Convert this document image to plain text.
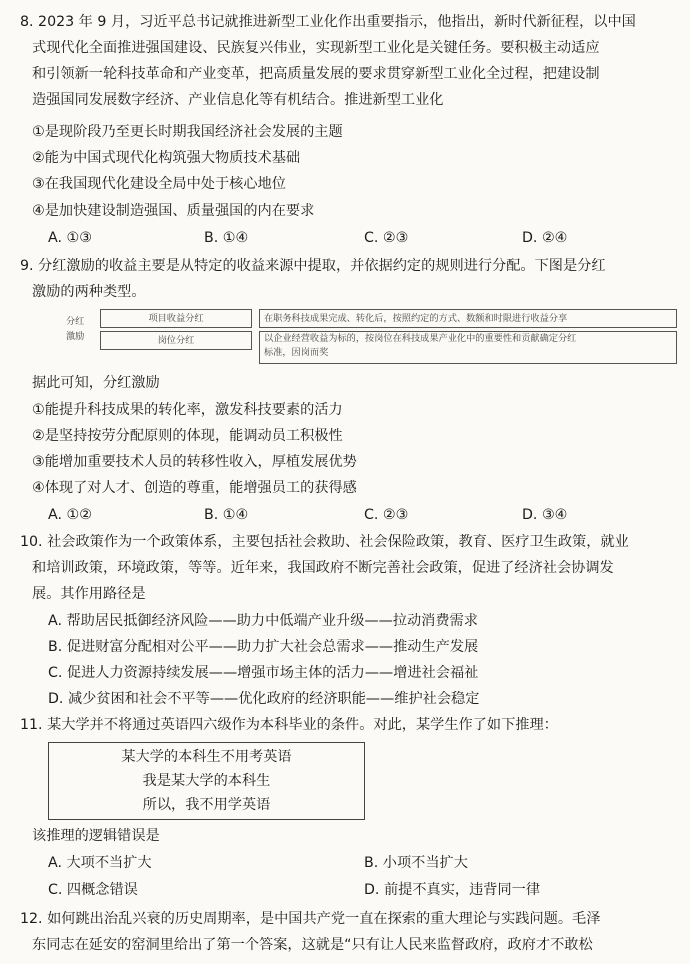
8. 2023 年 9 月，习近平总书记就推进新型工业化作出重要指示，他指出，新时代新征程，以中国
式现代化全面推进强国建设、民族复兴伟业，实现新型工业化是关键任务。要积极主动适应
和引领新一轮科技革命和产业变革，把高质量发展的要求贯穿新型工业化全过程，把建设制
造强国同发展数字经济、产业信息化等有机结合。推进新型工业化
①是现阶段乃至更长时期我国经济社会发展的主题
②能为中国式现代化构筑强大物质技术基础
③在我国现代化建设全局中处于核心地位
④是加快建设制造强国、质量强国的内在要求
A. ①③	B. ①④	C. ②③	D. ②④
9. 分红激励的收益主要是从特定的收益来源中提取，并依据约定的规则进行分配。下图是分红
激励的两种类型。
分红
激励
项目收益分红	在职务科技成果完成、转化后，按照约定的方式、数额和时限进行收益分享
岗位分红	以企业经营收益为标的，按岗位在科技成果产业化中的重要性和贡献确定分红
标准，因岗而奖
据此可知，分红激励
①能提升科技成果的转化率，激发科技要素的活力
②是坚持按劳分配原则的体现，能调动员工积极性
③能增加重要技术人员的转移性收入，厚植发展优势
④体现了对人才、创造的尊重，能增强员工的获得感
A. ①②	B. ①④	C. ②③	D. ③④
10. 社会政策作为一个政策体系，主要包括社会救助、社会保险政策，教育、医疗卫生政策，就业
和培训政策，环境政策，等等。近年来，我国政府不断完善社会政策，促进了经济社会协调发
展。其作用路径是
A. 帮助居民抵御经济风险——助力中低端产业升级——拉动消费需求
B. 促进财富分配相对公平——助力扩大社会总需求——推动生产发展
C. 促进人力资源持续发展——增强市场主体的活力——增进社会福祉
D. 减少贫困和社会不平等——优化政府的经济职能——维护社会稳定
11. 某大学并不将通过英语四六级作为本科毕业的条件。对此，某学生作了如下推理：
某大学的本科生不用考英语
我是某大学的本科生
所以，我不用学英语
该推理的逻辑错误是
A. 大项不当扩大	B. 小项不当扩大
C. 四概念错误	D. 前提不真实，违背同一律
12. 如何跳出治乱兴衰的历史周期率，是中国共产党一直在探索的重大理论与实践问题。毛泽
东同志在延安的窑洞里给出了第一个答案，这就是“只有让人民来监督政府，政府才不敢松
